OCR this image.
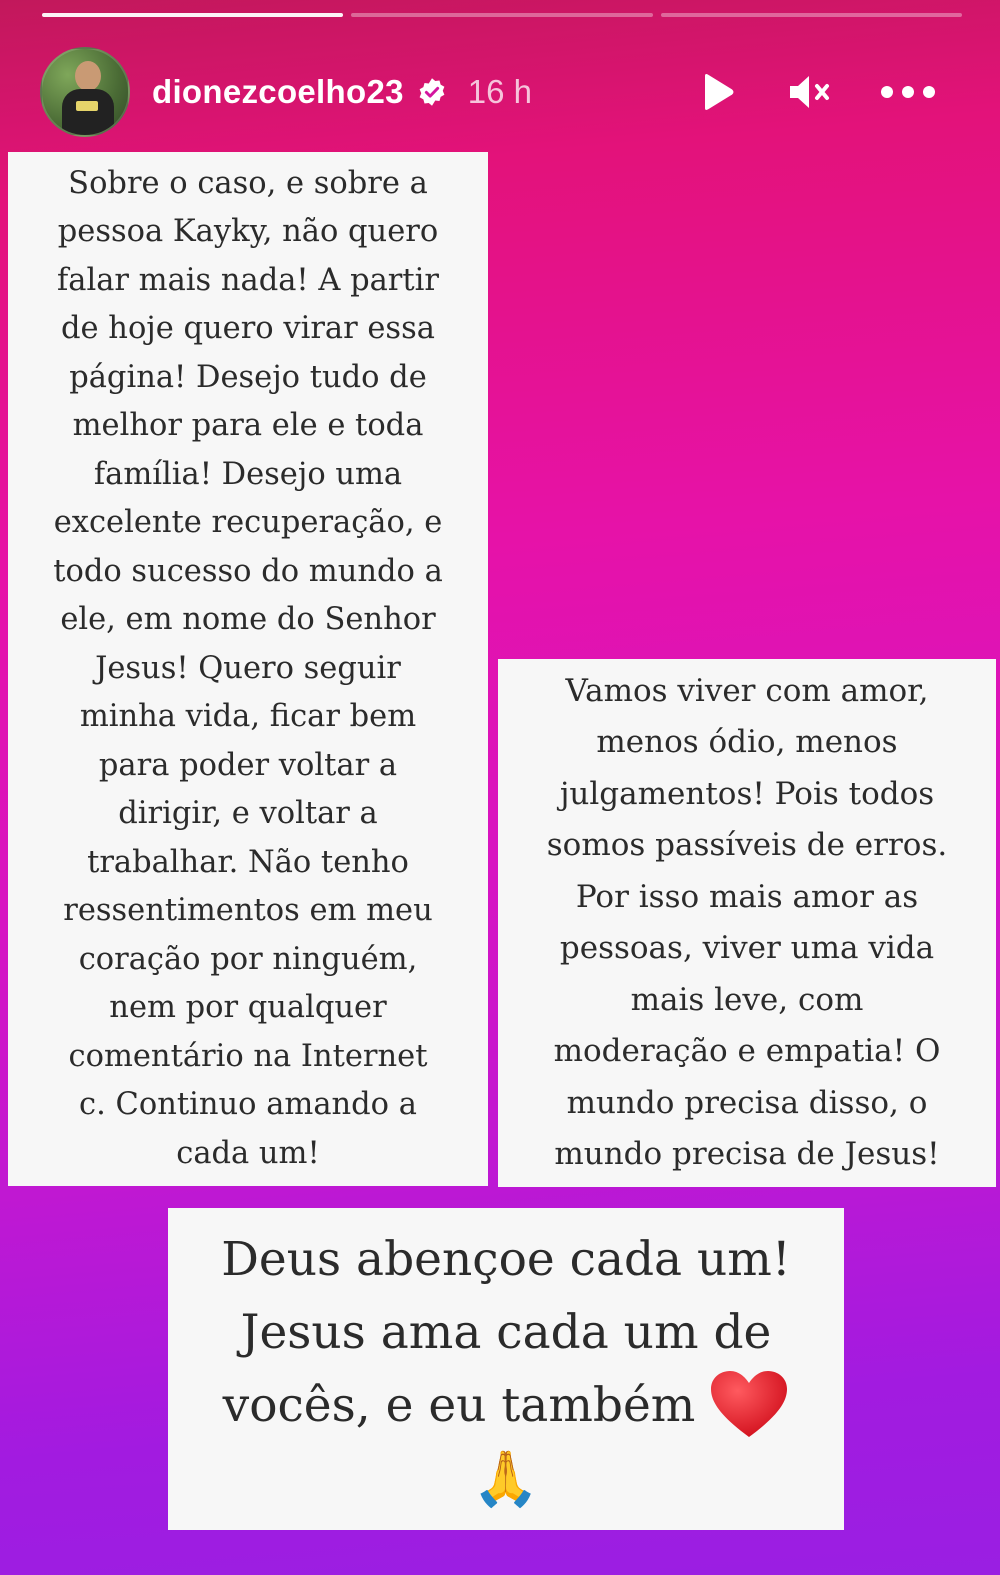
dionezcoelho23 16 h
Sobre o caso, e sobre a
pessoa Kayky, não quero
falar mais nada! A partir
de hoje quero virar essa
página! Desejo tudo de
melhor para ele e toda
família! Desejo uma
excelente recuperação, e
todo sucesso do mundo a
ele, em nome do Senhor
Jesus! Quero seguir
minha vida, ficar bem
para poder voltar a
dirigir, e voltar a
trabalhar. Não tenho
ressentimentos em meu
coração por ninguém,
nem por qualquer
comentário na Internet
c. Continuo amando a
cada um!
Vamos viver com amor,
menos ódio, menos
julgamentos! Pois todos
somos passíveis de erros.
Por isso mais amor as
pessoas, viver uma vida
mais leve, com
moderação e empatia! O
mundo precisa disso, o
mundo precisa de Jesus!
Deus abençoe cada um!
Jesus ama cada um de
vocês, e eu também
🙏
